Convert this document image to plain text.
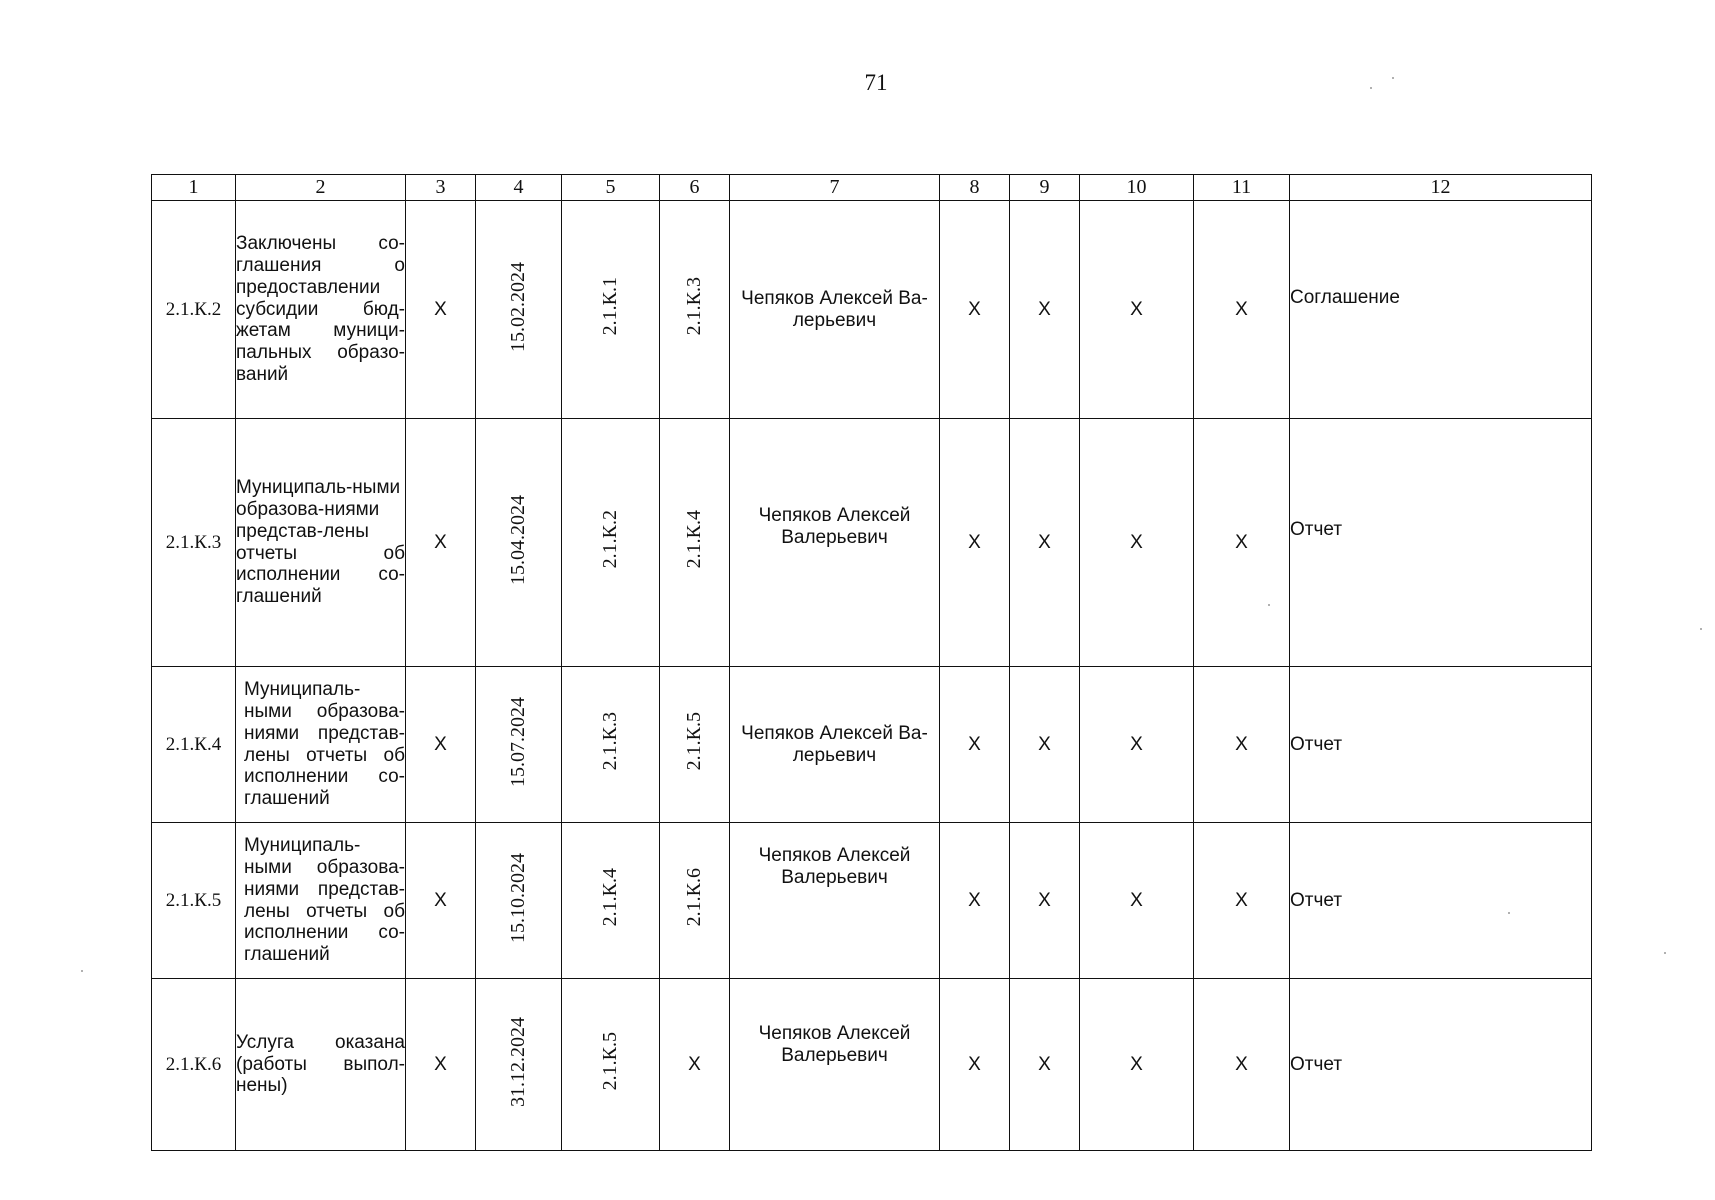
71
1	2	3	4	5	6	7	8	9	10	11	12
2.1.К.2	Заключены со-глашения о предоставлении субсидии бюд-жетам муници-пальных образо-ваний	X	15.02.2024	2.1.К.1	2.1.К.3	Чепяков Алексей Ва-лерьевич	X	X	X	X	Соглашение
2.1.К.3	Муниципаль-ными образова-ниями представ-лены отчеты об исполнении со-глашений	X	15.04.2024	2.1.К.2	2.1.К.4	Чепяков Алексей Валерьевич	X	X	X	X	Отчет
2.1.К.4	Муниципаль-ными образова-ниями представ-лены отчеты об исполнении со-глашений	X	15.07.2024	2.1.К.3	2.1.К.5	Чепяков Алексей Ва-лерьевич	X	X	X	X	Отчет
2.1.К.5	Муниципаль-ными образова-ниями представ-лены отчеты об исполнении со-глашений	X	15.10.2024	2.1.К.4	2.1.К.6	Чепяков Алексей Валерьевич	X	X	X	X	Отчет
2.1.К.6	Услуга оказана (работы выпол-нены)	X	31.12.2024	2.1.К.5	X	Чепяков Алексей Валерьевич	X	X	X	X	Отчет
